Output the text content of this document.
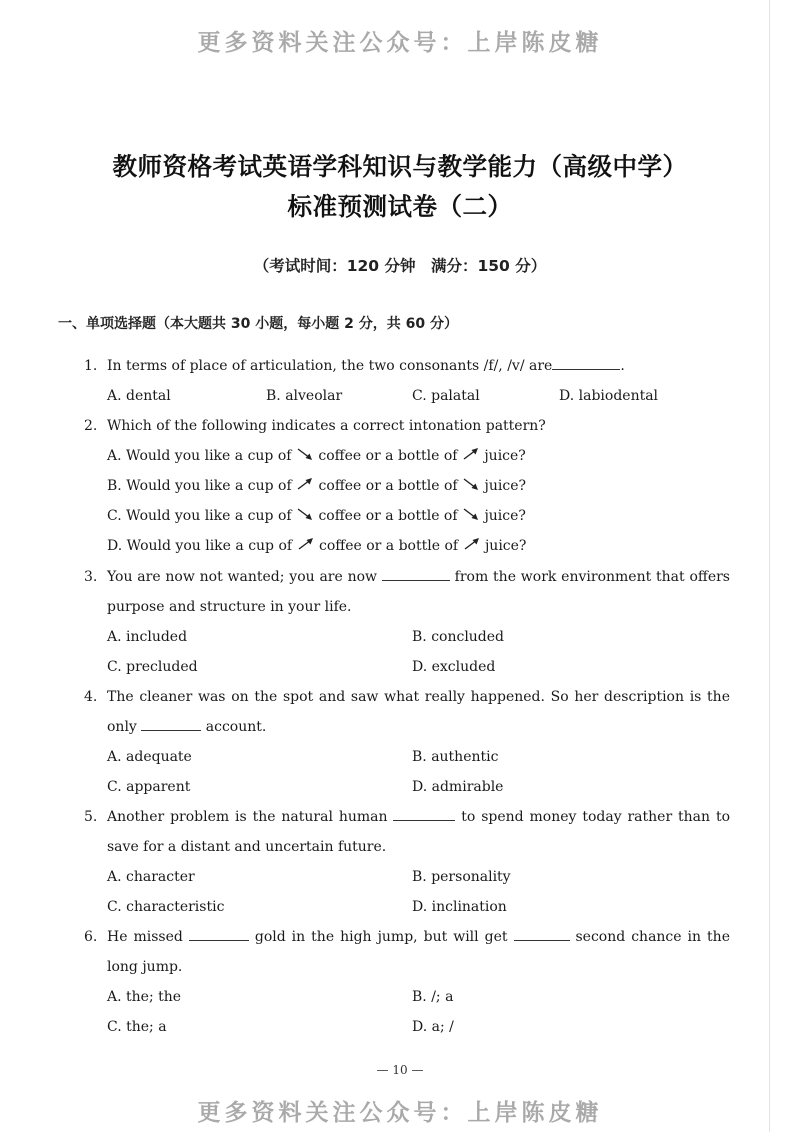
更多资料关注公众号：上岸陈皮糖
教师资格考试英语学科知识与教学能力（高级中学）
标准预测试卷（二）
（考试时间：120 分钟　满分：150 分）
一、单项选择题（本大题共 30 小题，每小题 2 分，共 60 分）
1. In terms of place of articulation, the two consonants /f/, /v/ are	.
A. dental	B. alveolar	C. palatal	D. labiodental
2. Which of the following indicates a correct intonation pattern?
A. Would you like a cup of coffee or a bottle of juice?
B. Would you like a cup of coffee or a bottle of juice?
C. Would you like a cup of coffee or a bottle of juice?
D. Would you like a cup of coffee or a bottle of juice?
3. You are now not wanted; you are now	from the work environment that offers purpose and structure in your life.
A. included	B. concluded
C. precluded	D. excluded
4. The cleaner was on the spot and saw what really happened. So her description is the only	account.
A. adequate	B. authentic
C. apparent	D. admirable
5. Another problem is the natural human	to spend money today rather than to save for a distant and uncertain future.
A. character	B. personality
C. characteristic	D. inclination
6. He missed	gold in the high jump, but will get	second chance in the long jump.
A. the; the	B. /; a
C. the; a	D. a; /
— 10 —
更多资料关注公众号：上岸陈皮糖
